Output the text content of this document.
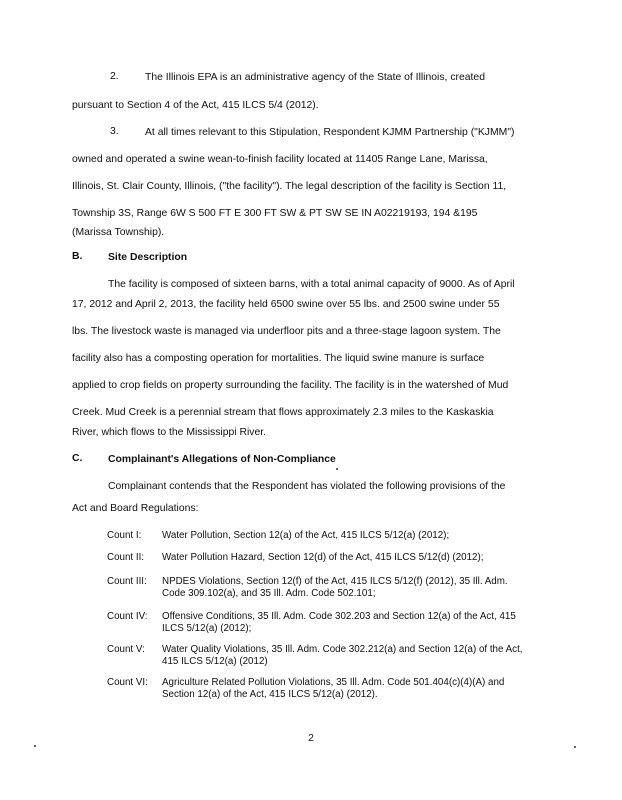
2.	The Illinois EPA is an administrative agency of the State of Illinois, created
pursuant to Section 4 of the Act, 415 ILCS 5/4 (2012).
3.	At all times relevant to this Stipulation, Respondent KJMM Partnership ("KJMM")
owned and operated a swine wean-to-finish facility located at 11405 Range Lane, Marissa,
Illinois, St. Clair County, Illinois, ("the facility"). The legal description of the facility is Section 11,
Township 3S, Range 6W S 500 FT E 300 FT SW & PT SW SE IN A02219193, 194 &195
(Marissa Township).
B. Site Description
The facility is composed of sixteen barns, with a total animal capacity of 9000. As of April
17, 2012 and April 2, 2013, the facility held 6500 swine over 55 lbs. and 2500 swine under 55
lbs. The livestock waste is managed via underfloor pits and a three-stage lagoon system. The
facility also has a composting operation for mortalities. The liquid swine manure is surface
applied to crop fields on property surrounding the facility. The facility is in the watershed of Mud
Creek. Mud Creek is a perennial stream that flows approximately 2.3 miles to the Kaskaskia
River, which flows to the Mississippi River.
C. Complainant's Allegations of Non-Compliance
Complainant contends that the Respondent has violated the following provisions of the
Act and Board Regulations:
Count I: Water Pollution, Section 12(a) of the Act, 415 ILCS 5/12(a) (2012);
Count II: Water Pollution Hazard, Section 12(d) of the Act, 415 ILCS 5/12(d) (2012);
Count III: NPDES Violations, Section 12(f) of the Act, 415 ILCS 5/12(f) (2012), 35 Ill. Adm.
Code 309.102(a), and 35 Ill. Adm. Code 502.101;
Count IV: Offensive Conditions, 35 Ill. Adm. Code 302.203 and Section 12(a) of the Act, 415
ILCS 5/12(a) (2012);
Count V: Water Quality Violations, 35 Ill. Adm. Code 302.212(a) and Section 12(a) of the Act,
415 ILCS 5/12(a) (2012)
Count VI: Agriculture Related Pollution Violations, 35 Ill. Adm. Code 501.404(c)(4)(A) and
Section 12(a) of the Act, 415 ILCS 5/12(a) (2012).
2
